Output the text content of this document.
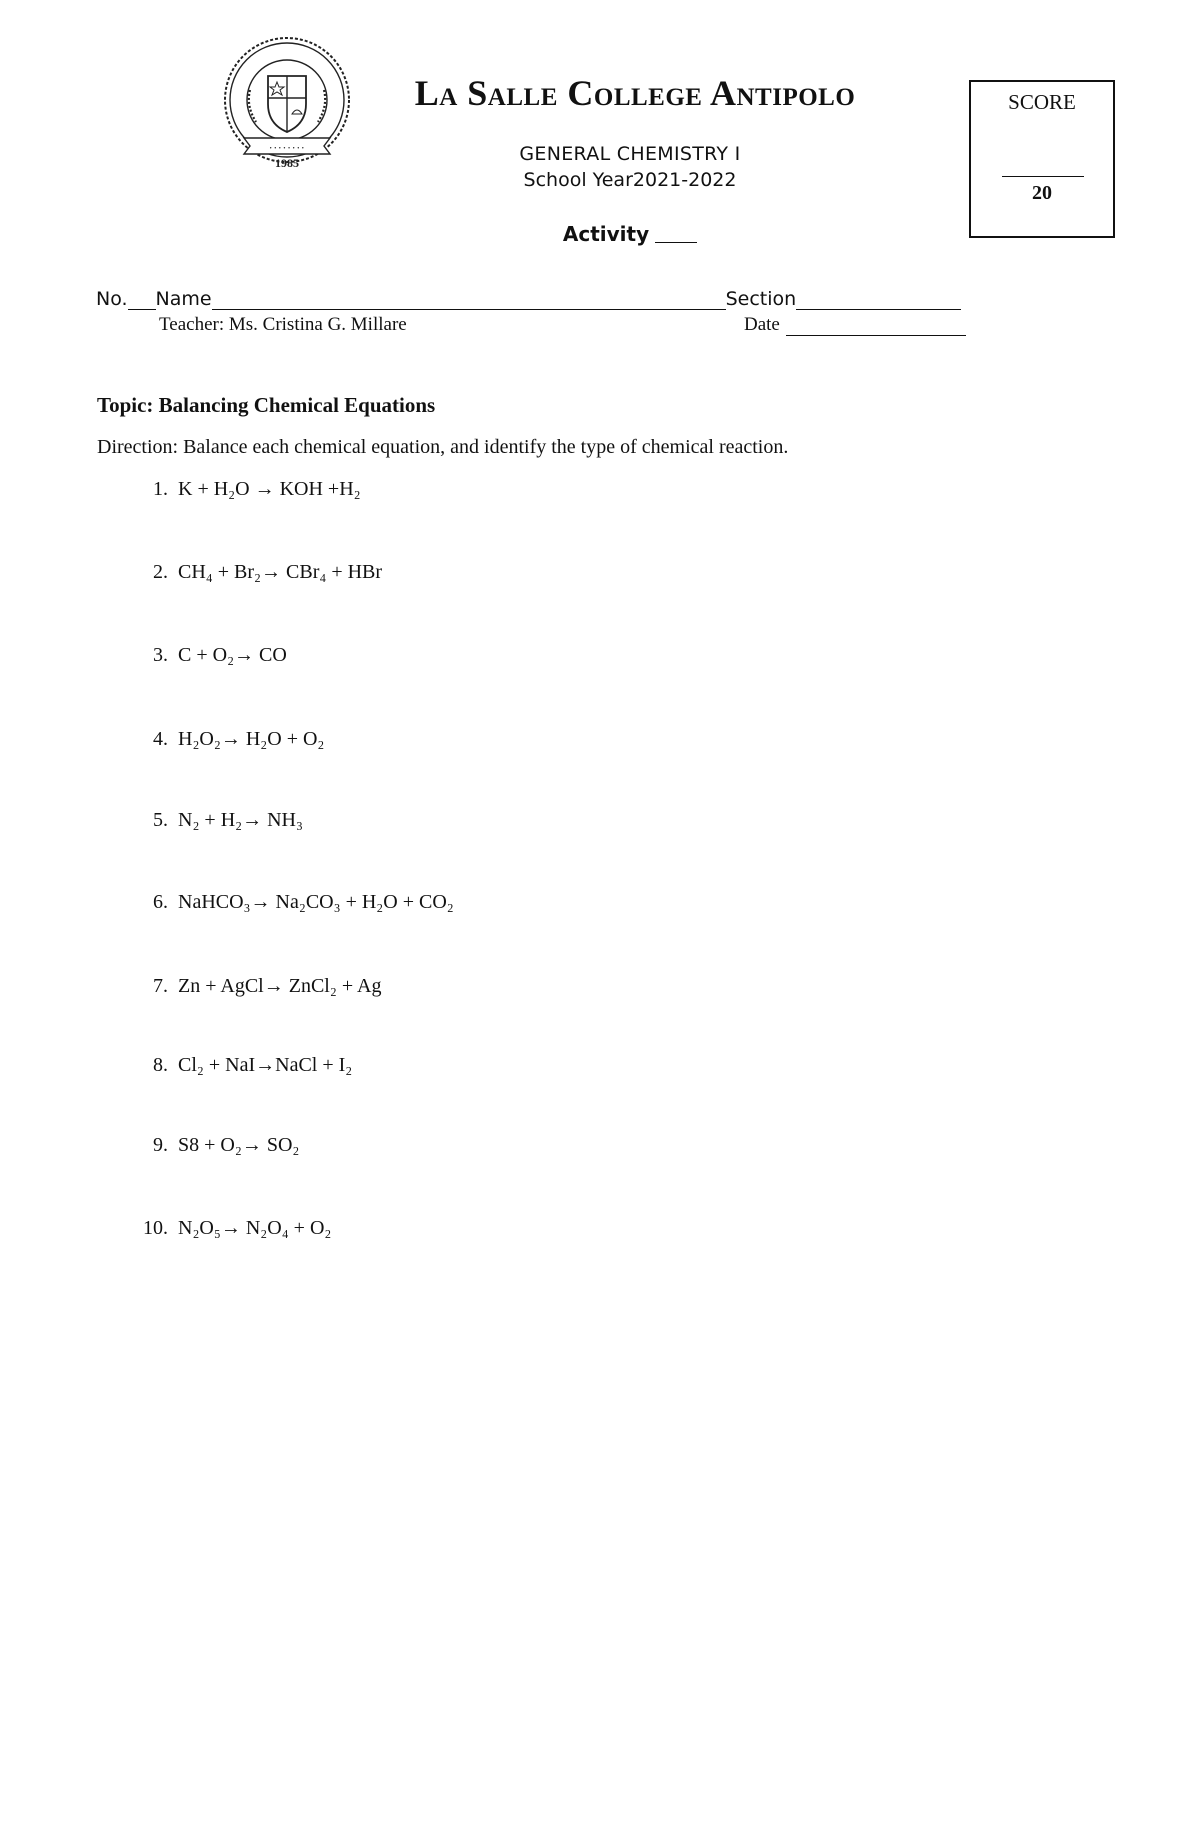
1985
• • • • • • • •
La Salle College Antipolo
GENERAL CHEMISTRY I
School Year2021-2022
Activity
SCORE
20
No. Name	Section
Teacher: Ms. Cristina G. Millare	Date
Topic: Balancing Chemical Equations
Direction: Balance each chemical equation, and identify the type of chemical reaction.
1. K + H₂O → KOH +H₂
2. CH₄ + Br₂→ CBr₄ + HBr
3. C + O₂→ CO
4. H₂O₂→ H₂O + O₂
5. N₂ + H₂→ NH₃
6. NaHCO₃→ Na₂CO₃ + H₂O + CO₂
7. Zn + AgCl→ ZnCl₂ + Ag
8. Cl₂ + NaI→NaCl + I₂
9. S8 + O₂→ SO₂
10. N₂O₅→ N₂O₄ + O₂
